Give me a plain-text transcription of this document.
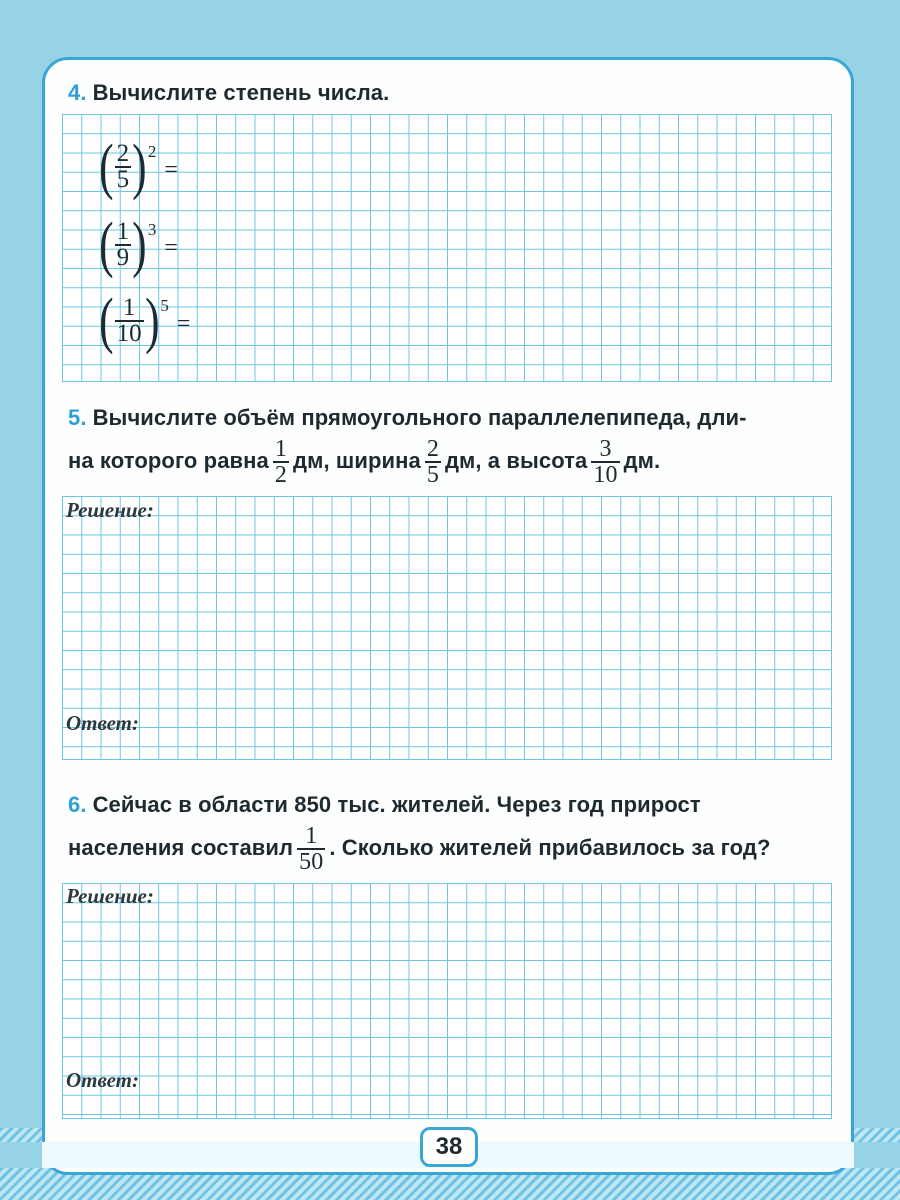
4. Вычислите степень числа.
( $\frac{2}{5}$ ) 2
=
( $\frac{1}{9}$ ) 3
=
( $\frac{1}{10}$ ) 5
=
5. Вычислите объём прямоугольного параллелепипеда, дли-
на которого равна $\frac{1}{2}$ дм, ширина $\frac{2}{5}$ дм, а высота $\frac{3}{10}$ дм.
Решение:
Ответ:
6. Сейчас в области 850 тыс. жителей. Через год прирост
населения составил $\frac{1}{50}$ . Сколько жителей прибавилось за год?
Решение:
Ответ:
38
